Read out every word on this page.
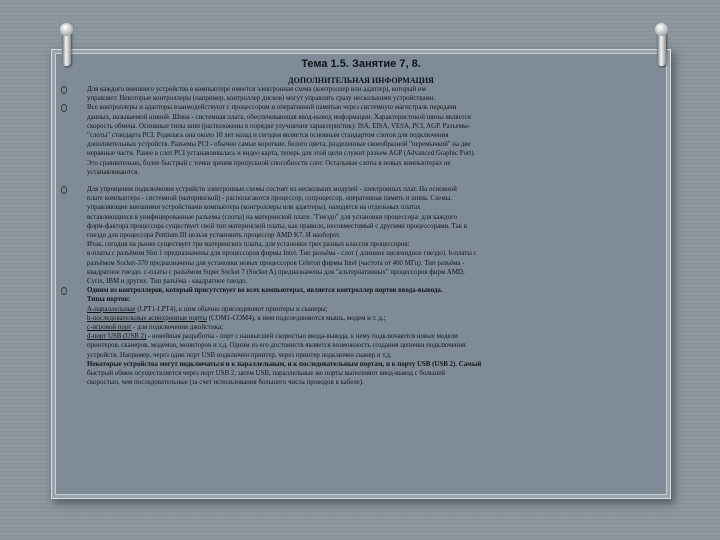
Тема 1.5. Занятие 7, 8.
ДОПОЛНИТЕЛЬНАЯ ИНФОРМАЦИЯ
Для каждого внешнего устройства в компьютере имеется электронная схема (контроллер или адаптер), который им
управляет. Некоторые контроллеры (например, контроллер дисков) могут управлять сразу несколькими устройствами.
Все контроллеры и адаптеры взаимодействуют с процессором и оперативной памятью через системную магистраль передачи
данных, называемой шиной. Шина - системная плата, обеспечивающая ввод-вывод информации. Характеристикой шины является
скорость обмена. Основные типы шин (расположены в порядке улучшения характеристик): ISA, EISA, VESA, PCI, AGP. Разъемы-
"слоты" стандарта PCI. Родилась она около 10 лет назад и сегодня является основным стандартом слотов для подключения
дополнительных устройств. Разъемы PCI - обычно самые короткие, белого цвета, разделенные своеобразной "перемычкой" на две
неравные части. Ранее в слот PCI устанавливалась и видео карта, теперь для этой цели служит разъем AGP (Advanced Graphic Port).
Это сравнительно, более быстрый с точки зрения пропускной способности слот. Остальные слоты в новых компьютерах не
устанавливаются.
Для упрощения подключения устройств электронные схемы состоят из нескольких модулей - электронных плат. На основной
плате компьютера - системной (материнской) - располагаются процессор, сопроцессор, оперативная память и шина. Схемы,
управляющие внешними устройствами компьютера (контроллеры или адаптеры), находятся на отдельных платах
вставляющихся в унифицированные разъемы (слоты) на материнской плате. "Гнездо" для установки процессора: для каждого
форм-фактора процессора существует свой тип материнской платы, как правило, несовместимый с другими процессорами. Так в
гнездо для процессора Pentium III нельзя установить процессор AMD K7. И наоборот.
Итак, сегодня на рынке существует три материнских платы, для установки трех разных классов процессоров:
в-платы с разъёмом Slot 1 предназначены для процессоров фирмы Intel. Тип разъёма - слот ( длинное щелевидное гнездо). b-платы с
разъёмом Socket-370 предназначены для установки новых процессоров Celeron фирмы Intel (частота от 400 МГц). Тип разъёма -
квадратное гнездо. c-платы с разъёмом Super Socket 7 (Socket A) предназначены для "альтернативных" процессоров фирм AMD,
Cyrix, IBM и других. Тип разъёма - квадратное гнездо.
Одним из контроллеров, который присутствует во всех компьютерах, является контроллер портов ввода-вывода.
Типы портов:
А-параллельные (LPT1-LPT4), к ним обычно присоединяют принтеры и сканеры;
b-последовательные асинхронные порты (COM1-COM4), к ним подсоединяются мышь, модем и т. д.;
c-игровой порт - для подключения джойстика;
d-порт USB (USB 2) - новейшая разработка - порт с наивысшей скоростью ввода-вывода, к нему подключаются новые модели
принтеров, сканеров, модемов, мониторов и т.д. Одним из его достоинств является возможность создания цепочки подключения
устройств. Например, через один порт USB подключен принтер, через принтер подключен сканер и т.д.
Некоторые устройства могут подключаться и к параллельным, и к последовательным портам, и к порту USB (USB 2). Самый
быстрый обмен осуществляется через порт USB 2, затем USB, параллельные же порты выполняют ввод-вывод с большей
скоростью, чем последовательные (за счет использования большего числа проводов в кабеле).
